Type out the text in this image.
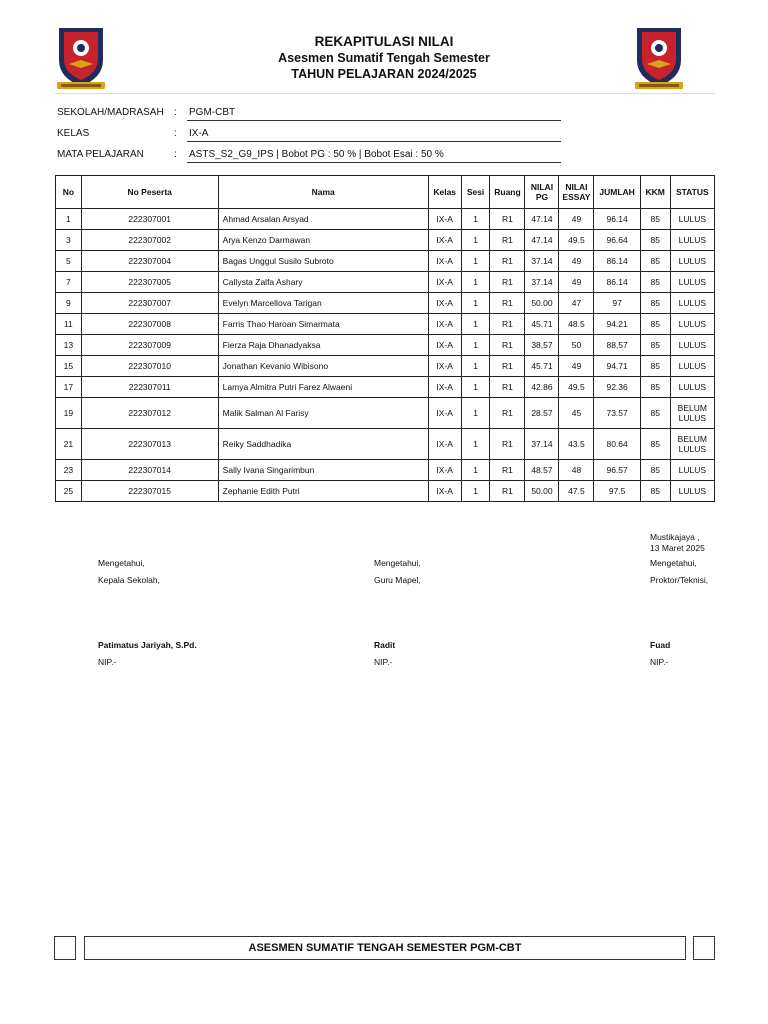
REKAPITULASI NILAI
Asesmen Sumatif Tengah Semester
TAHUN PELAJARAN 2024/2025
SEKOLAH/MADRASAH : PGM-CBT
KELAS	: IX-A
MATA PELAJARAN	: ASTS_S2_G9_IPS | Bobot PG : 50 % | Bobot Esai : 50 %
No	No Peserta	Nama	Kelas	Sesi	Ruang	NILAI PG	NILAI ESSAY	JUMLAH	KKM	STATUS
1	222307001	Ahmad Arsalan Arsyad	IX-A	1	R1	47.14	49	96.14	85	LULUS
3	222307002	Arya Kenzo Darmawan	IX-A	1	R1	47.14	49.5	96.64	85	LULUS
5	222307004	Bagas Unggul Susilo Subroto	IX-A	1	R1	37.14	49	86.14	85	LULUS
7	222307005	Callysta Zalfa Ashary	IX-A	1	R1	37.14	49	86.14	85	LULUS
9	222307007	Evelyn Marcellova Tarigan	IX-A	1	R1	50.00	47	97	85	LULUS
11	222307008	Farris Thao Haroan Simarmata	IX-A	1	R1	45.71	48.5	94.21	85	LULUS
13	222307009	Fierza Raja Dhanadyaksa	IX-A	1	R1	38,57	50	88,57	85	LULUS
15	222307010	Jonathan Kevanio Wibisono	IX-A	1	R1	45.71	49	94.71	85	LULUS
17	222307011	Lamya Almitra Putri Farez Alwaeni	IX-A	1	R1	42.86	49.5	92.36	85	LULUS
19	222307012	Malik Salman Al Farisy	IX-A	1	R1	28.57	45	73.57	85	BELUM LULUS
21	222307013	Reiky Saddhadika	IX-A	1	R1	37.14	43.5	80.64	85	BELUM LULUS
23	222307014	Sally Ivana Singarimbun	IX-A	1	R1	48.57	48	96.57	85	LULUS
25	222307015	Zephanie Edith Putri	IX-A	1	R1	50.00	47.5	97.5	85	LULUS
Mustikajaya ,
13 Maret 2025
Mengetahui,
Kepala Sekolah,
Patimatus Jariyah, S.Pd.
NIP.-
Mengetahui,
Guru Mapel,
Radit
NIP.-
Mengetahui,
Proktor/Teknisi,
Fuad
NIP.-
ASESMEN SUMATIF TENGAH SEMESTER PGM-CBT
